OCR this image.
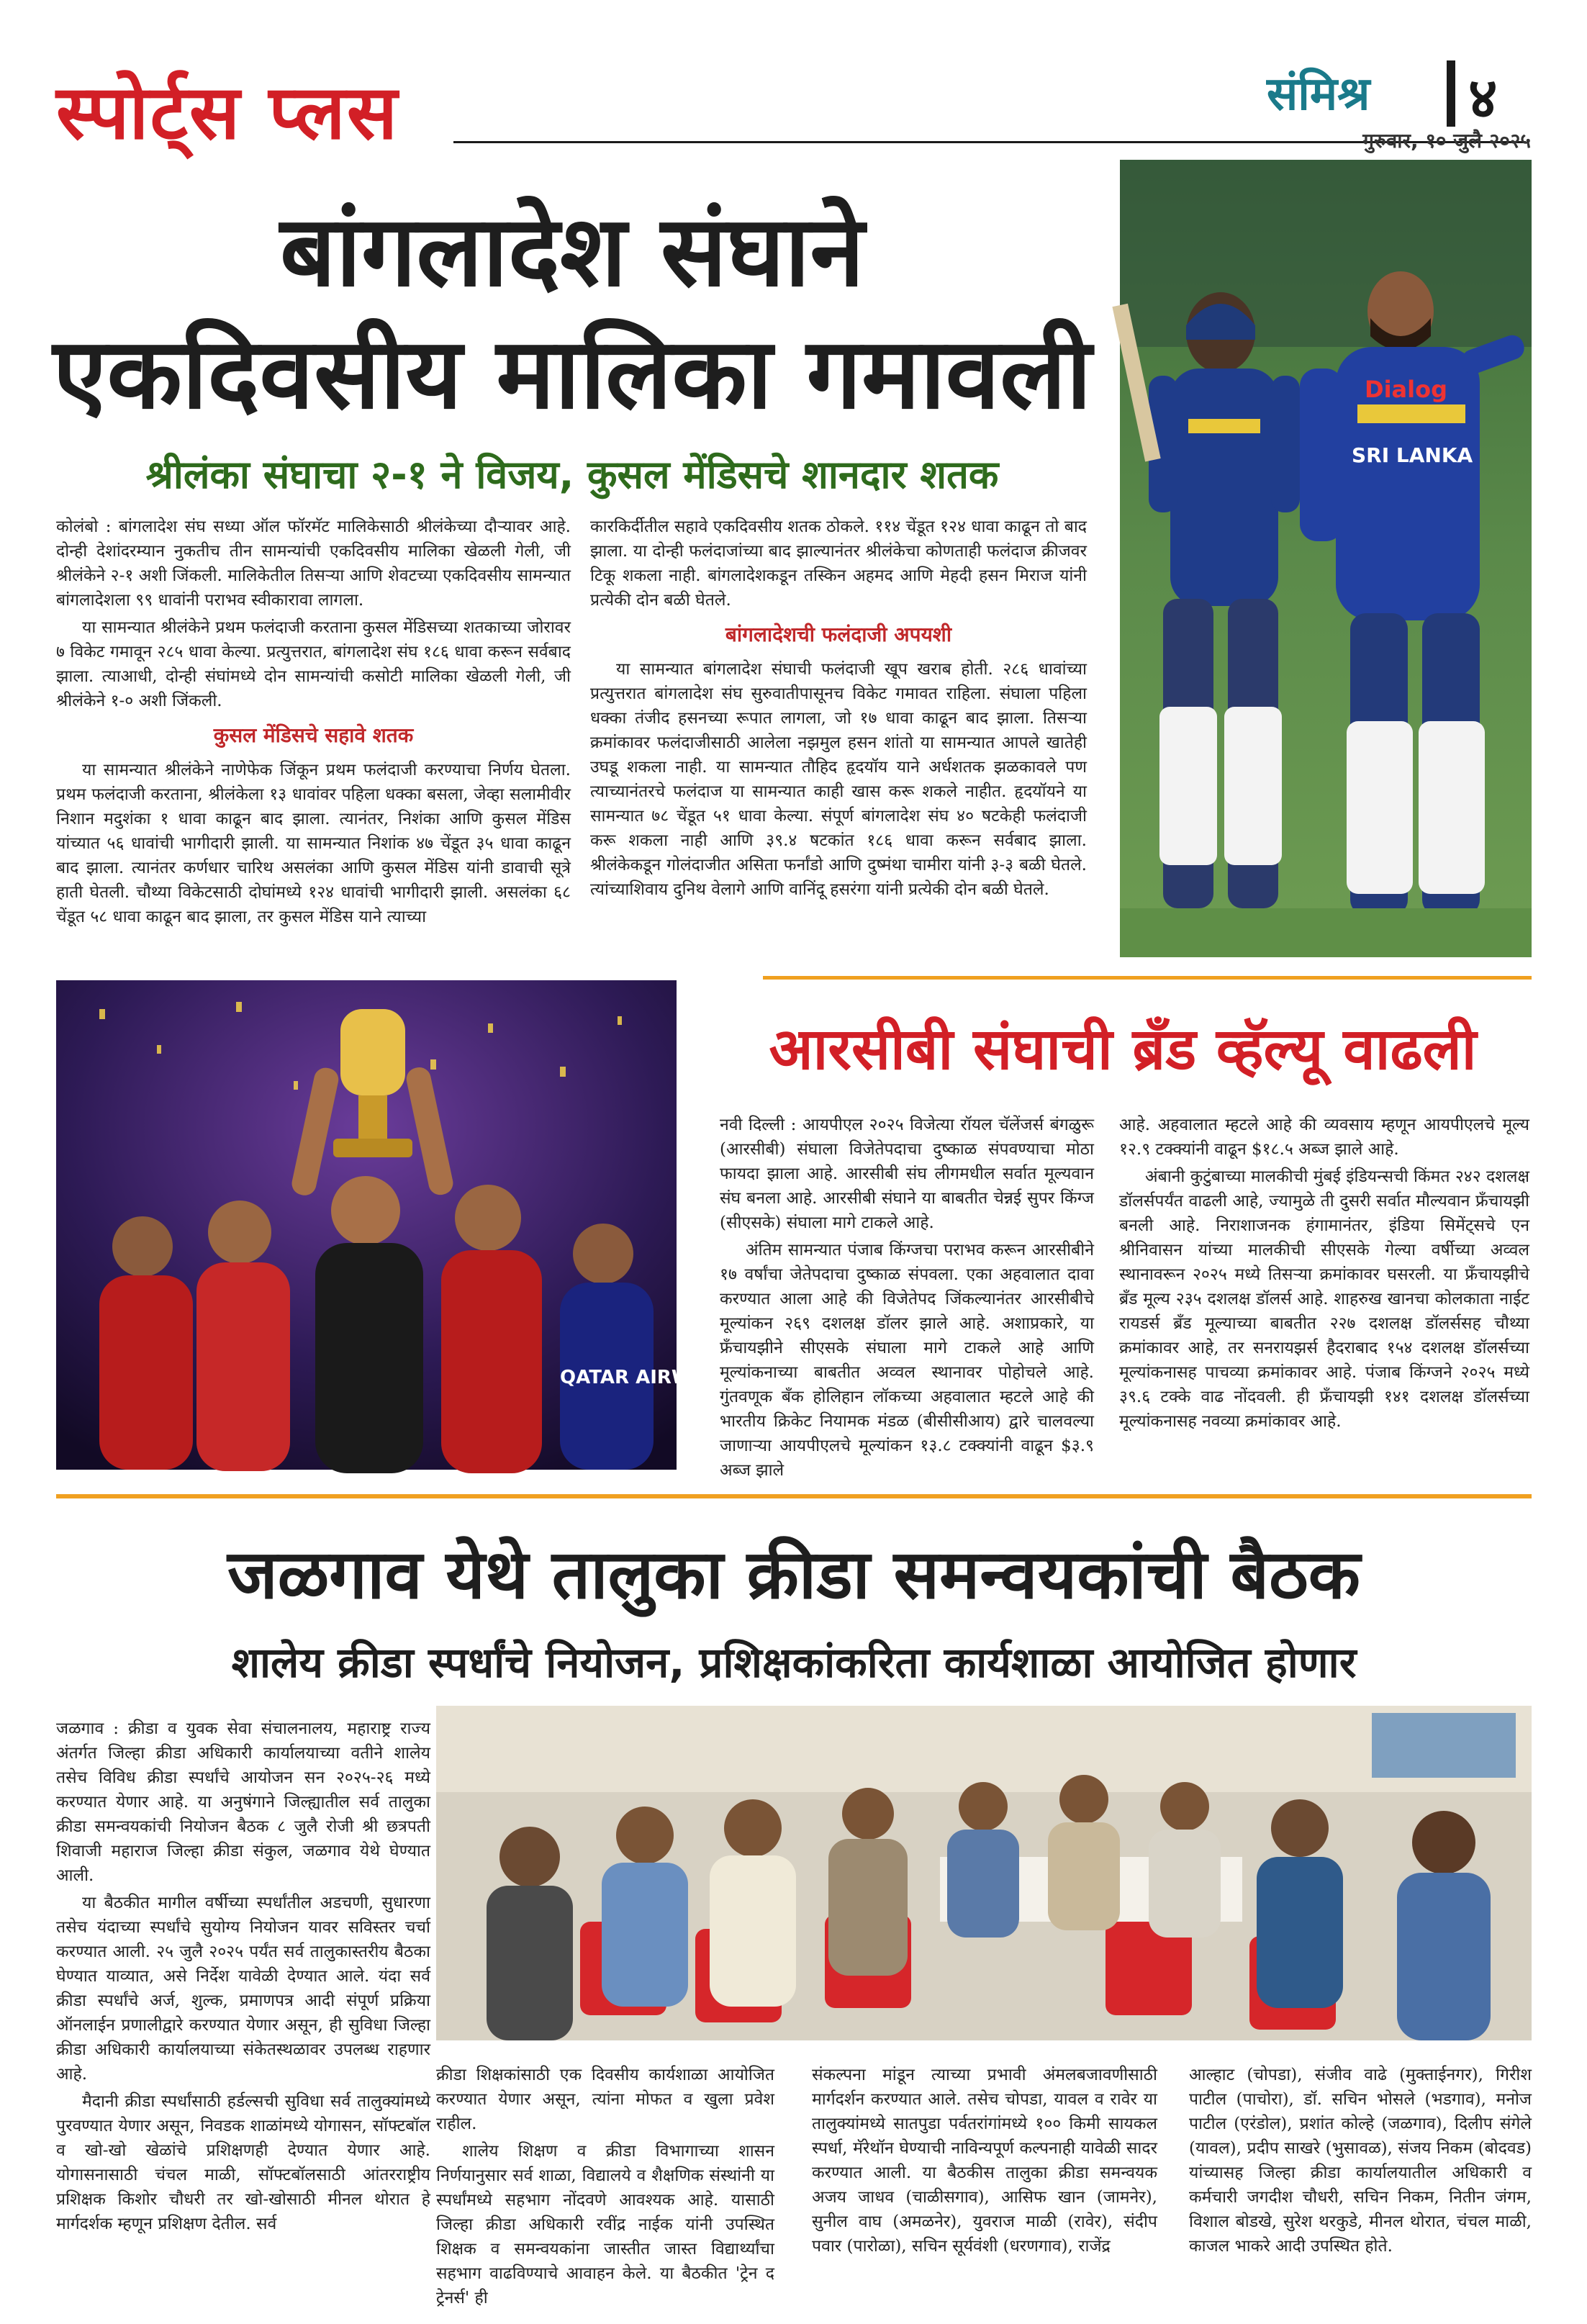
स्पोर्ट्स प्लस	संमिश्र ४
गुरुवार, १० जुलै २०२५
बांगलादेश संघाने
एकदिवसीय मालिका गमावली
श्रीलंका संघाचा २-१ ने विजय, कुसल मेंडिसचे शानदार शतक

कोलंबो : बांगलादेश संघ सध्या ऑल फॉरमॅट मालिकेसाठी श्रीलंकेच्या दौऱ्यावर आहे. दोन्ही देशांदरम्यान नुकतीच तीन सामन्यांची एकदिवसीय मालिका खेळली गेली, जी श्रीलंकेने २-१ अशी जिंकली. मालिकेतील तिसऱ्या आणि शेवटच्या एकदिवसीय सामन्यात बांगलादेशला ९९ धावांनी पराभव स्वीकारावा लागला.

या सामन्यात श्रीलंकेने प्रथम फलंदाजी करताना कुसल मेंडिसच्या शतकाच्या जोरावर ७ विकेट गमावून २८५ धावा केल्या. प्रत्युत्तरात, बांगलादेश संघ १८६ धावा करून सर्वबाद झाला. त्याआधी, दोन्ही संघांमध्ये दोन सामन्यांची कसोटी मालिका खेळली गेली, जी श्रीलंकेने १-० अशी जिंकली.

कुसल मेंडिसचे सहावे शतक

या सामन्यात श्रीलंकेने नाणेफेक जिंकून प्रथम फलंदाजी करण्याचा निर्णय घेतला. प्रथम फलंदाजी करताना, श्रीलंकेला १३ धावांवर पहिला धक्का बसला, जेव्हा सलामीवीर निशान मदुशंका १ धावा काढून बाद झाला. त्यानंतर, निशंका आणि कुसल मेंडिस यांच्यात ५६ धावांची भागीदारी झाली. या सामन्यात निशांक ४७ चेंडूत ३५ धावा काढून बाद झाला. त्यानंतर कर्णधार चारिथ असलंका आणि कुसल मेंडिस यांनी डावाची सूत्रे हाती घेतली. चौथ्या विकेटसाठी दोघांमध्ये १२४ धावांची भागीदारी झाली. असलंका ६८ चेंडूत ५८ धावा काढून बाद झाला, तर कुसल मेंडिस याने त्याच्या

कारकिर्दीतील सहावे एकदिवसीय शतक ठोकले. ११४ चेंडूत १२४ धावा काढून तो बाद झाला. या दोन्ही फलंदाजांच्या बाद झाल्यानंतर श्रीलंकेचा कोणताही फलंदाज क्रीजवर टिकू शकला नाही. बांगलादेशकडून तस्किन अहमद आणि मेहदी हसन मिराज यांनी प्रत्येकी दोन बळी घेतले.

बांगलादेशची फलंदाजी अपयशी

या सामन्यात बांगलादेश संघाची फलंदाजी खूप खराब होती. २८६ धावांच्या प्रत्युत्तरात बांगलादेश संघ सुरुवातीपासूनच विकेट गमावत राहिला. संघाला पहिला धक्का तंजीद हसनच्या रूपात लागला, जो १७ धावा काढून बाद झाला. तिसऱ्या क्रमांकावर फलंदाजीसाठी आलेला नझमुल हसन शांतो या सामन्यात आपले खातेही उघडू शकला नाही. या सामन्यात तौहिद हृदयॉय याने अर्धशतक झळकावले पण त्याच्यानंतरचे फलंदाज या सामन्यात काही खास करू शकले नाहीत. हृदयॉयने या सामन्यात ७८ चेंडूत ५१ धावा केल्या. संपूर्ण बांगलादेश संघ ४० षटकेही फलंदाजी करू शकला नाही आणि ३९.४ षटकांत १८६ धावा करून सर्वबाद झाला. श्रीलंकेकडून गोलंदाजीत असिता फर्नांडो आणि दुष्मंथा चामीरा यांनी ३-३ बळी घेतले. त्यांच्याशिवाय दुनिथ वेलागे आणि वानिंदू हसरंगा यांनी प्रत्येकी दोन बळी घेतले.

Dialog
SRI LANKA
QATAR AIRWAYS
आरसीबी संघाची ब्रँड व्हॅल्यू वाढली

नवी दिल्ली : आयपीएल २०२५ विजेत्या रॉयल चॅलेंजर्स बंगळुरू (आरसीबी) संघाला विजेतेपदाचा दुष्काळ संपवण्याचा मोठा फायदा झाला आहे. आरसीबी संघ लीगमधील सर्वात मूल्यवान संघ बनला आहे. आरसीबी संघाने या बाबतीत चेन्नई सुपर किंग्ज (सीएसके) संघाला मागे टाकले आहे.

अंतिम सामन्यात पंजाब किंग्जचा पराभव करून आरसीबीने १७ वर्षांचा जेतेपदाचा दुष्काळ संपवला. एका अहवालात दावा करण्यात आला आहे की विजेतेपद जिंकल्यानंतर आरसीबीचे मूल्यांकन २६९ दशलक्ष डॉलर झाले आहे. अशाप्रकारे, या फ्रँचायझीने सीएसके संघाला मागे टाकले आहे आणि मूल्यांकनाच्या बाबतीत अव्वल स्थानावर पोहोचले आहे. गुंतवणूक बँक होलिहान लॉकच्या अहवालात म्हटले आहे की भारतीय क्रिकेट नियामक मंडळ (बीसीसीआय) द्वारे चालवल्या जाणाऱ्या आयपीएलचे मूल्यांकन १३.८ टक्क्यांनी वाढून $३.९ अब्ज झाले

आहे. अहवालात म्हटले आहे की व्यवसाय म्हणून आयपीएलचे मूल्य १२.९ टक्क्यांनी वाढून $१८.५ अब्ज झाले आहे.

अंबानी कुटुंबाच्या मालकीची मुंबई इंडियन्सची किंमत २४२ दशलक्ष डॉलर्सपर्यंत वाढली आहे, ज्यामुळे ती दुसरी सर्वात मौल्यवान फ्रँचायझी बनली आहे. निराशाजनक हंगामानंतर, इंडिया सिमेंट्सचे एन श्रीनिवासन यांच्या मालकीची सीएसके गेल्या वर्षीच्या अव्वल स्थानावरून २०२५ मध्ये तिसऱ्या क्रमांकावर घसरली. या फ्रँचायझीचे ब्रँड मूल्य २३५ दशलक्ष डॉलर्स आहे. शाहरुख खानचा कोलकाता नाईट रायडर्स ब्रँड मूल्याच्या बाबतीत २२७ दशलक्ष डॉलर्ससह चौथ्या क्रमांकावर आहे, तर सनरायझर्स हैदराबाद १५४ दशलक्ष डॉलर्सच्या मूल्यांकनासह पाचव्या क्रमांकावर आहे. पंजाब किंग्जने २०२५ मध्ये ३९.६ टक्के वाढ नोंदवली. ही फ्रँचायझी १४१ दशलक्ष डॉलर्सच्या मूल्यांकनासह नवव्या क्रमांकावर आहे.

जळगाव येथे तालुका क्रीडा समन्वयकांची बैठक
शालेय क्रीडा स्पर्धांचे नियोजन, प्रशिक्षकांकरिता कार्यशाळा आयोजित होणार

जळगाव : क्रीडा व युवक सेवा संचालनालय, महाराष्ट्र राज्य अंतर्गत जिल्हा क्रीडा अधिकारी कार्यालयाच्या वतीने शालेय तसेच विविध क्रीडा स्पर्धांचे आयोजन सन २०२५-२६ मध्ये करण्यात येणार आहे. या अनुषंगाने जिल्ह्यातील सर्व तालुका क्रीडा समन्वयकांची नियोजन बैठक ८ जुलै रोजी श्री छत्रपती शिवाजी महाराज जिल्हा क्रीडा संकुल, जळगाव येथे घेण्यात आली.

या बैठकीत मागील वर्षीच्या स्पर्धांतील अडचणी, सुधारणा तसेच यंदाच्या स्पर्धांचे सुयोग्य नियोजन यावर सविस्तर चर्चा करण्यात आली. २५ जुलै २०२५ पर्यंत सर्व तालुकास्तरीय बैठका घेण्यात याव्यात, असे निर्देश यावेळी देण्यात आले. यंदा सर्व क्रीडा स्पर्धांचे अर्ज, शुल्क, प्रमाणपत्र आदी संपूर्ण प्रक्रिया ऑनलाईन प्रणालीद्वारे करण्यात येणार असून, ही सुविधा जिल्हा क्रीडा अधिकारी कार्यालयाच्या संकेतस्थळावर उपलब्ध राहणार आहे.

मैदानी क्रीडा स्पर्धांसाठी हर्डल्सची सुविधा सर्व तालुक्यांमध्ये पुरवण्यात येणार असून, निवडक शाळांमध्ये योगासन, सॉफ्टबॉल व खो-खो खेळांचे प्रशिक्षणही देण्यात येणार आहे. योगासनासाठी चंचल माळी, सॉफ्टबॉलसाठी आंतरराष्ट्रीय प्रशिक्षक किशोर चौधरी तर खो-खोसाठी मीनल थोरात हे मार्गदर्शक म्हणून प्रशिक्षण देतील. सर्व

क्रीडा शिक्षकांसाठी एक दिवसीय कार्यशाळा आयोजित करण्यात येणार असून, त्यांना मोफत व खुला प्रवेश राहील.

शालेय शिक्षण व क्रीडा विभागाच्या शासन निर्णयानुसार सर्व शाळा, विद्यालये व शैक्षणिक संस्थांनी या स्पर्धांमध्ये सहभाग नोंदवणे आवश्यक आहे. यासाठी जिल्हा क्रीडा अधिकारी रवींद्र नाईक यांनी उपस्थित शिक्षक व समन्वयकांना जास्तीत जास्त विद्यार्थ्यांचा सहभाग वाढविण्याचे आवाहन केले. या बैठकीत 'ट्रेन द ट्रेनर्स' ही

संकल्पना मांडून त्याच्या प्रभावी अंमलबजावणीसाठी मार्गदर्शन करण्यात आले. तसेच चोपडा, यावल व रावेर या तालुक्यांमध्ये सातपुडा पर्वतरांगांमध्ये १०० किमी सायकल स्पर्धा, मॅरेथॉन घेण्याची नाविन्यपूर्ण कल्पनाही यावेळी सादर करण्यात आली. या बैठकीस तालुका क्रीडा समन्वयक अजय जाधव (चाळीसगाव), आसिफ खान (जामनेर), सुनील वाघ (अमळनेर), युवराज माळी (रावेर), संदीप पवार (पारोळा), सचिन सूर्यवंशी (धरणगाव), राजेंद्र

आल्हाट (चोपडा), संजीव वाढे (मुक्ताईनगर), गिरीश पाटील (पाचोरा), डॉ. सचिन भोसले (भडगाव), मनोज पाटील (एरंडोल), प्रशांत कोल्हे (जळगाव), दिलीप संगेले (यावल), प्रदीप साखरे (भुसावळ), संजय निकम (बोदवड) यांच्यासह जिल्हा क्रीडा कार्यालयातील अधिकारी व कर्मचारी जगदीश चौधरी, सचिन निकम, नितीन जंगम, विशाल बोडखे, सुरेश थरकुडे, मीनल थोरात, चंचल माळी, काजल भाकरे आदी उपस्थित होते.
